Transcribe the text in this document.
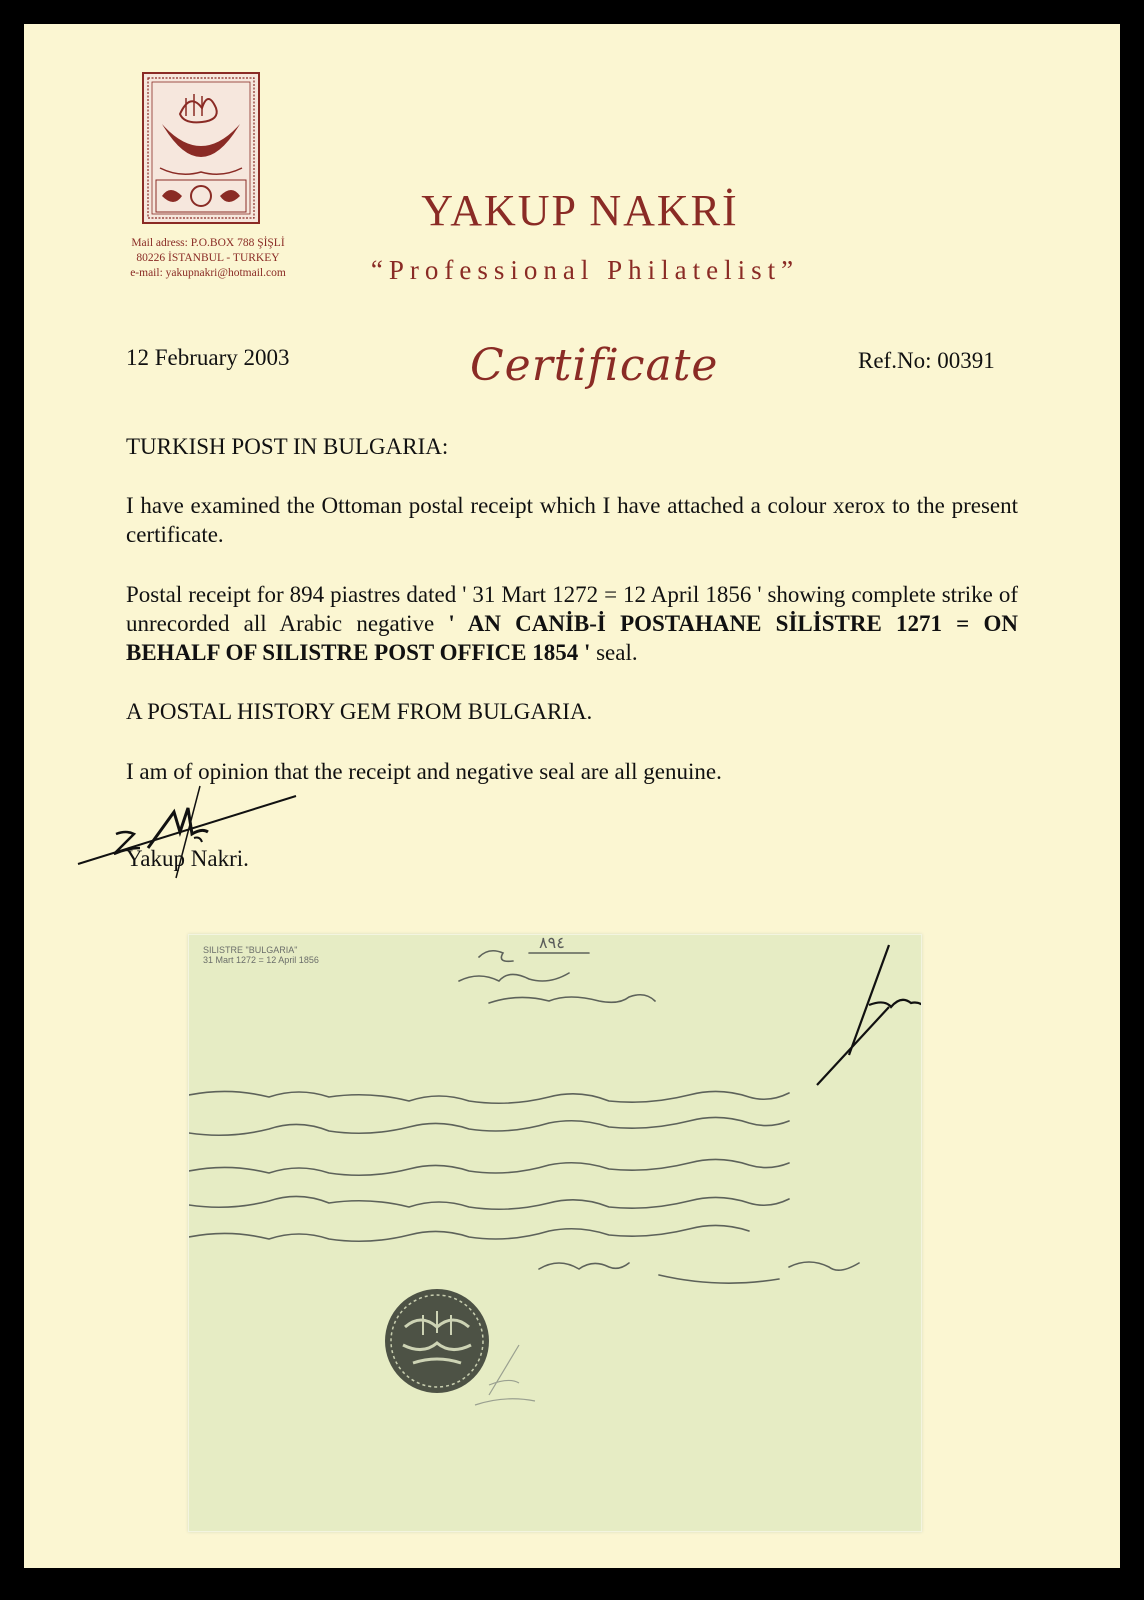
Mail adress: P.O.BOX 788 ŞİŞLİ
80226 İSTANBUL - TURKEY
e-mail: yakupnakri@hotmail.com
YAKUP NAKRİ
“Professional Philatelist”
12 February 2003	Certificate	Ref.No: 00391
TURKISH POST IN BULGARIA:
I have examined the Ottoman postal receipt which I have attached a colour xerox to the present certificate.
Postal receipt for 894 piastres dated ' 31 Mart 1272 = 12 April 1856 ' showing complete strike of unrecorded all Arabic negative ' AN CANİB-İ POSTAHANE SİLİSTRE 1271 = ON BEHALF OF SILISTRE POST OFFICE 1854 ' seal.
A POSTAL HISTORY GEM FROM BULGARIA.
I am of opinion that the receipt and negative seal are all genuine.
Yakup Nakri.
SILISTRE "BULGARIA"
31 Mart 1272 = 12 April 1856
٨٩٤
